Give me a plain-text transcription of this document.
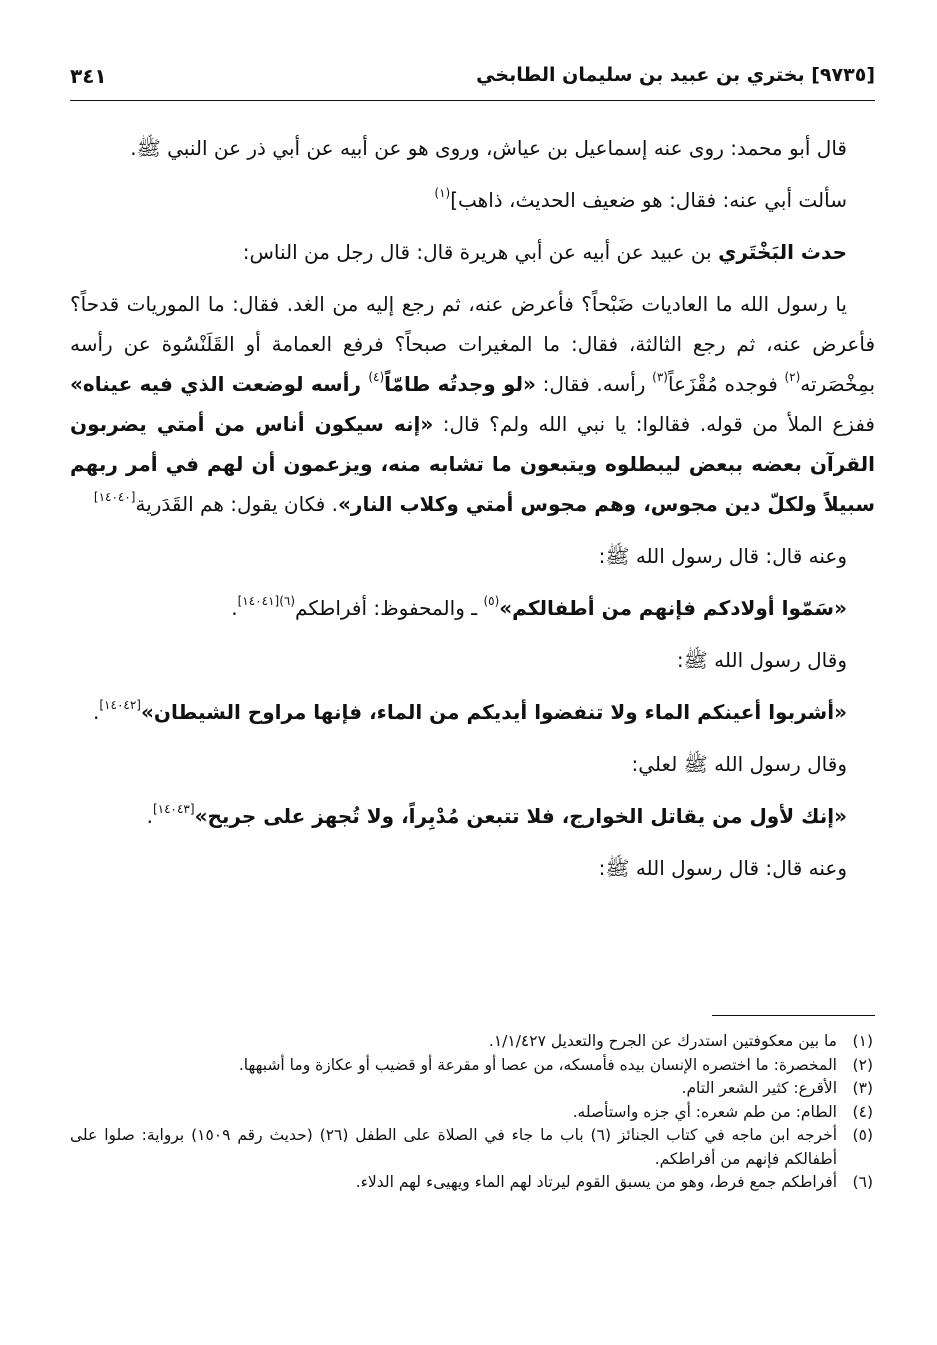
[٩٧٣٥] بختري بن عبيد بن سليمان الطابخي
٣٤١

قال أبو محمد: روى عنه إسماعيل بن عياش، وروى هو عن أبيه عن أبي ذر عن النبي ﷺ.

سألت أبي عنه: فقال: هو ضعيف الحديث، ذاهب]$^{(١)}$

حدث البَخْتَري بن عبيد عن أبيه عن أبي هريرة قال: قال رجل من الناس:

يا رسول الله ما العاديات ضَبْحاً؟ فأعرض عنه، ثم رجع إليه من الغد. فقال: ما الموريات قدحاً؟ فأعرض عنه، ثم رجع الثالثة، فقال: ما المغيرات صبحاً؟ فرفع العمامة أو القَلَنْسُوة عن رأسه بمِخْصَرته$^{(٢)}$ فوجده مُقْزَعاً$^{(٣)}$ رأسه. فقال: «لو وجدتُه طامّاً$^{(٤)}$ رأسه لوضعت الذي فيه عيناه» ففزع الملأ من قوله. فقالوا: يا نبي الله ولم؟ قال: «إنه سيكون أناس من أمتي يضربون القرآن بعضه ببعض ليبطلوه ويتبعون ما تشابه منه، ويزعمون أن لهم في أمر ربهم سبيلاً ولكلّ دين مجوس، وهم مجوس أمتي وكلاب النار». فكان يقول: هم القَدَرية[١٤٠٤٠]

وعنه قال: قال رسول الله ﷺ:

«سَمّوا أولادكم فإنهم من أطفالكم»$^{(٥)}$ ـ والمحفوظ: أفراطكم$^{(٦)[١٤٠٤١]}$.

وقال رسول الله ﷺ:

«أشربوا أعينكم الماء ولا تنفضوا أيديكم من الماء، فإنها مراوح الشيطان»[١٤٠٤٢].

وقال رسول الله ﷺ لعلي:

«إنك لأول من يقاتل الخوارج، فلا تتبعن مُدْبِراً، ولا تُجهز على جريح»[١٤٠٤٣].

وعنه قال: قال رسول الله ﷺ:

(١)
ما بين معكوفتين استدرك عن الجرح والتعديل ١/١/٤٢٧.
(٢)
المخصرة: ما اختصره الإنسان بيده فأمسكه، من عصا أو مقرعة أو قضيب أو عكازة وما أشبهها.
(٣)
الأقرع: كثير الشعر التام.
(٤)
الطام: من طم شعره: أي جزه واستأصله.
(٥)
أخرجه ابن ماجه في كتاب الجنائز (٦) باب ما جاء في الصلاة على الطفل (٢٦) (حديث رقم ١٥٠٩) برواية: صلوا على أطفالكم فإنهم من أفراطكم.
(٦)
أفراطكم جمع فرط، وهو من يسبق القوم ليرتاد لهم الماء ويهيىء لهم الدلاء.
